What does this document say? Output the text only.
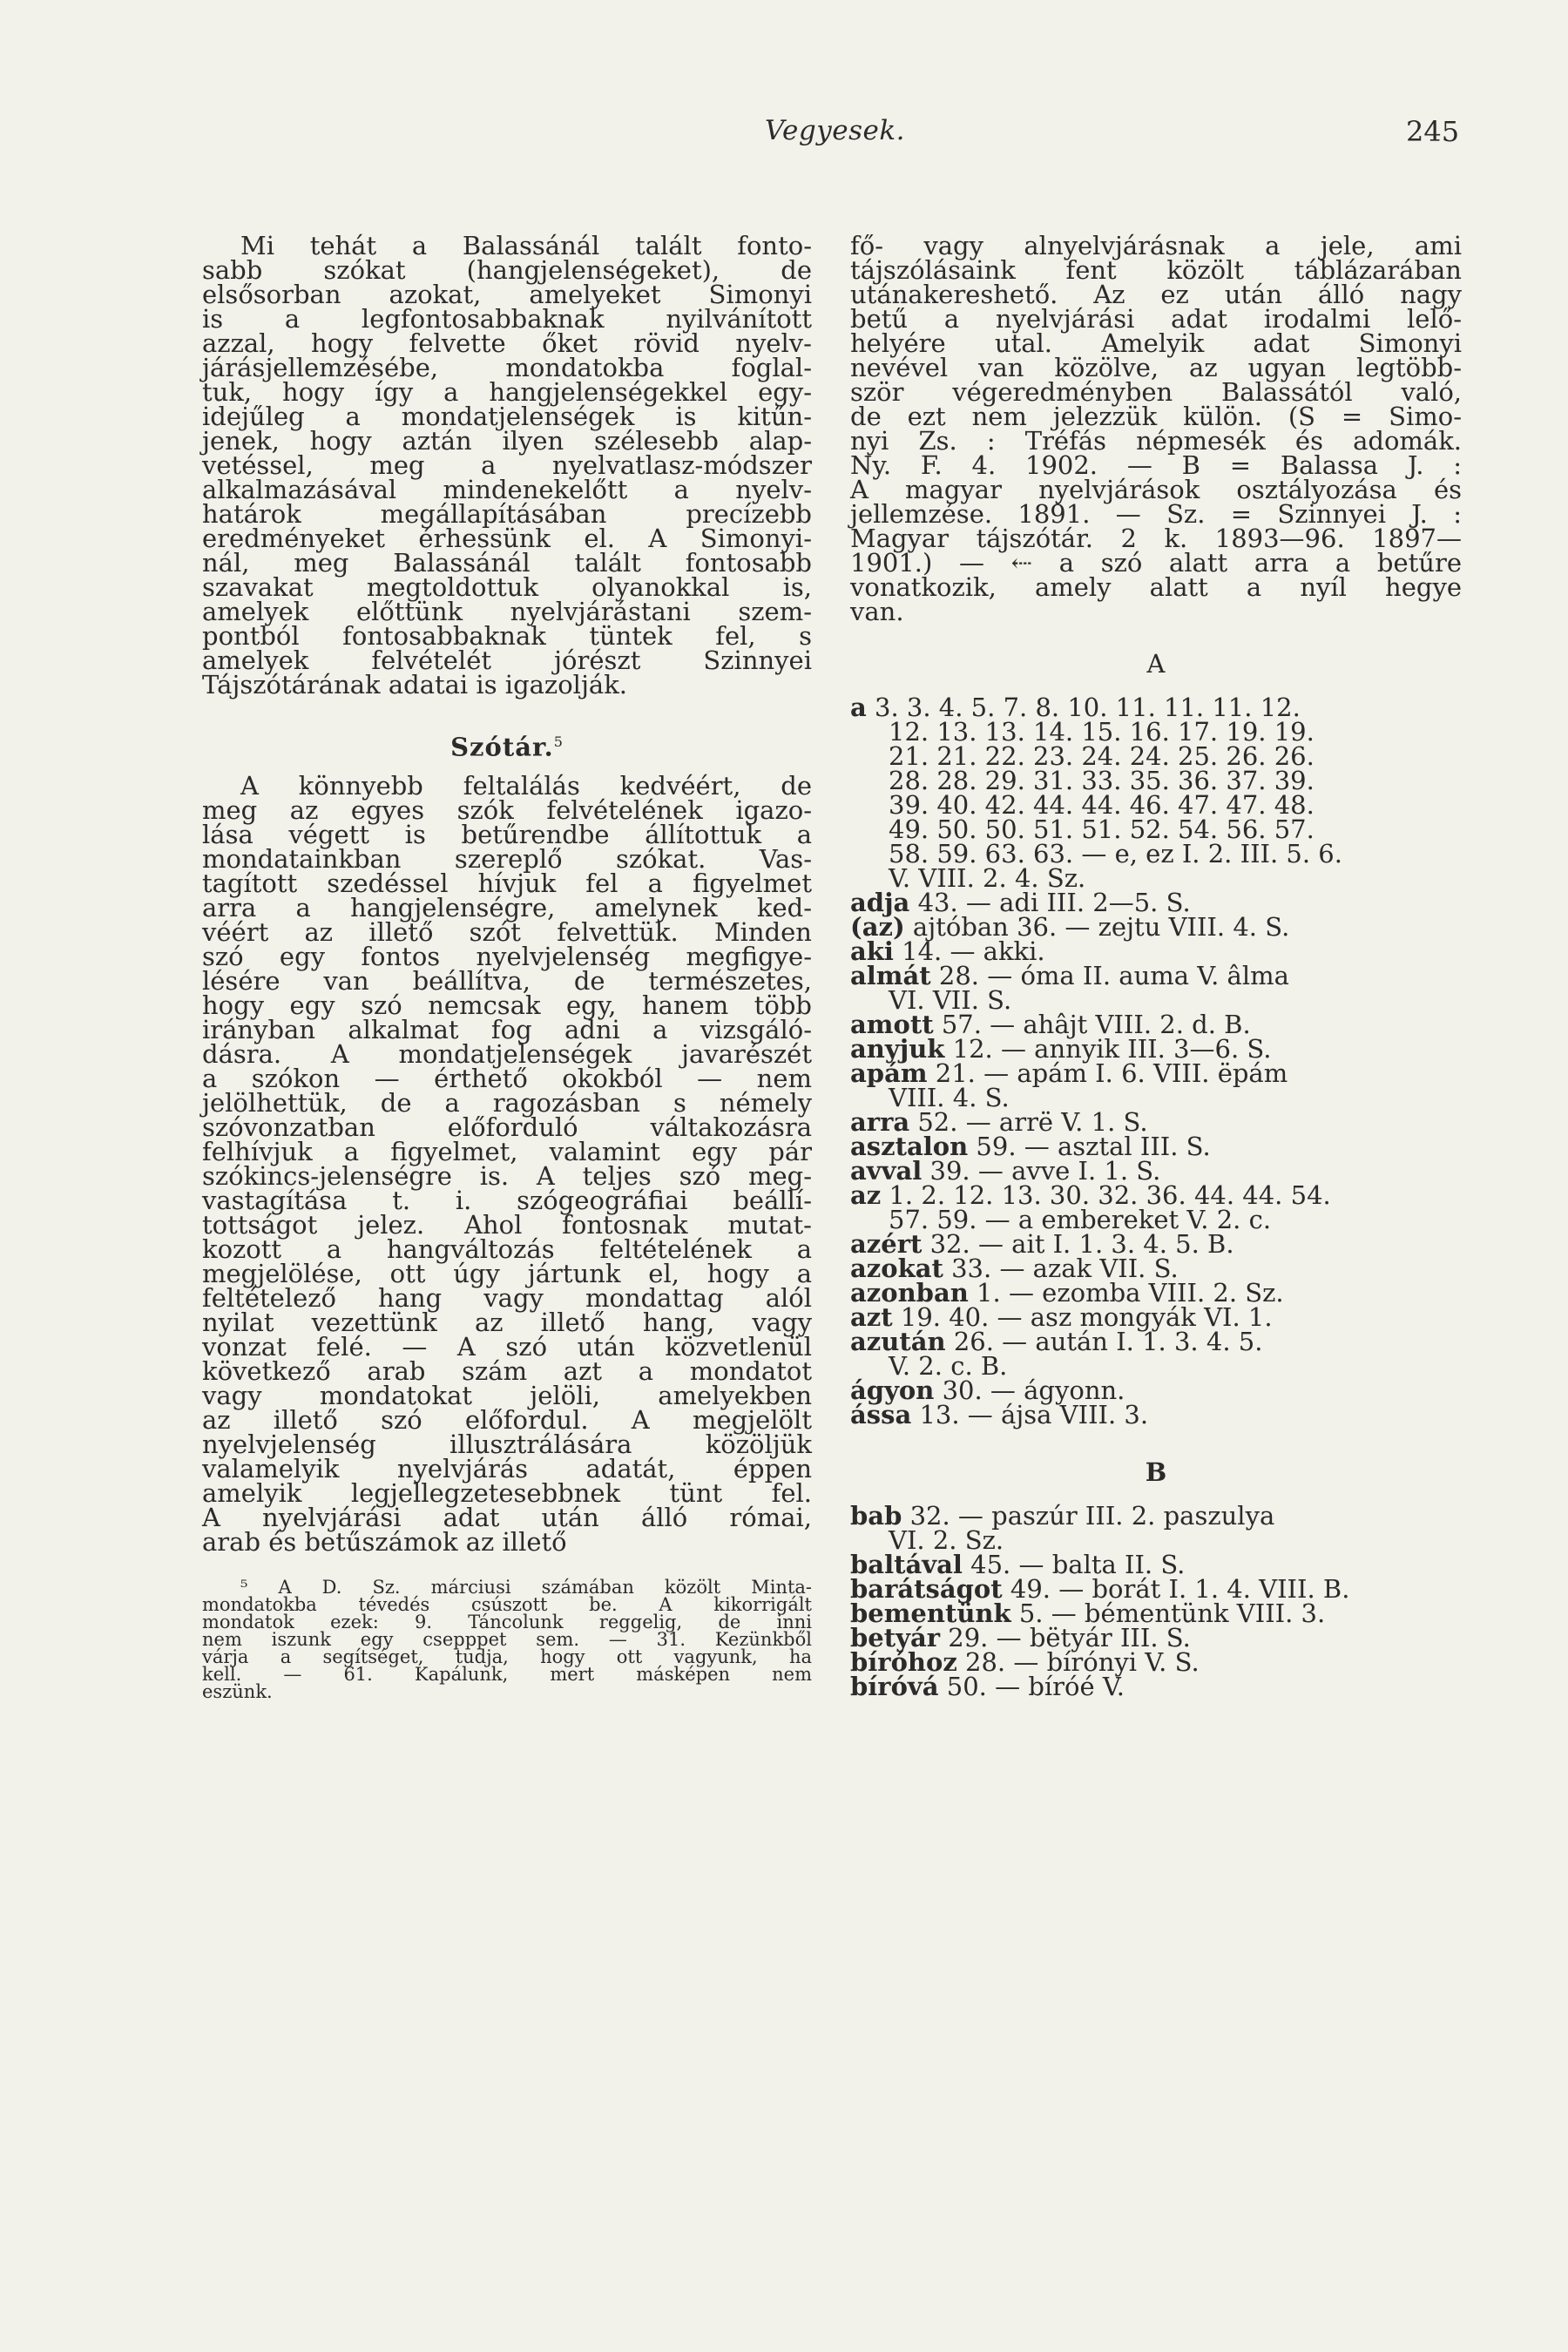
Vegyesek.	245
Mi tehát a Balassánál talált fonto-
sabb szókat (hangjelenségeket), de
elsősorban azokat, amelyeket Simonyi
is a legfontosabbaknak nyilvánított
azzal, hogy felvette őket rövid nyelv-
járásjellemzésébe, mondatokba foglal-
tuk, hogy így a hangjelenségekkel egy-
idejűleg a mondatjelenségek is kitűn-
jenek, hogy aztán ilyen szélesebb alap-
vetéssel, meg a nyelvatlasz-módszer
alkalmazásával mindenekelőtt a nyelv-
határok megállapításában precízebb
eredményeket érhessünk el. A Simonyi-
nál, meg Balassánál talált fontosabb
szavakat megtoldottuk olyanokkal is,
amelyek előttünk nyelvjárástani szem-
pontból fontosabbaknak tüntek fel, s
amelyek felvételét jórészt Szinnyei
Tájszótárának adatai is igazolják.
Szótár.$^5$
A könnyebb feltalálás kedvéért, de
meg az egyes szók felvételének igazo-
lása végett is betűrendbe állítottuk a
mondatainkban szereplő szókat. Vas-
tagított szedéssel hívjuk fel a figyelmet
arra a hangjelenségre, amelynek ked-
véért az illető szót felvettük. Minden
szó egy fontos nyelvjelenség megfigye-
lésére van beállítva, de természetes,
hogy egy szó nemcsak egy, hanem több
irányban alkalmat fog adni a vizsgáló-
dásra. A mondatjelenségek javarészét
a szókon — érthető okokból — nem
jelölhettük, de a ragozásban s némely
szóvonzatban előforduló váltakozásra
felhívjuk a figyelmet, valamint egy pár
szókincs-jelenségre is. A teljes szó meg-
vastagítása t. i. szógeográfiai beállí-
tottságot jelez. Ahol fontosnak mutat-
kozott a hangváltozás feltételének a
megjelölése, ott úgy jártunk el, hogy a
feltételező hang vagy mondattag alól
nyilat vezettünk az illető hang, vagy
vonzat felé. — A szó után közvetlenül
következő arab szám azt a mondatot
vagy mondatokat jelöli, amelyekben
az illető szó előfordul. A megjelölt
nyelvjelenség illusztrálására közöljük
valamelyik nyelvjárás adatát, éppen
amelyik legjellegzetesebbnek tünt fel.
A nyelvjárási adat után álló római,
arab és betűszámok az illető
⁵ A D. Sz. márciusi számában közölt Minta-
mondatokba tévedés csúszott be. A kikorrigált
mondatok ezek: 9. Táncolunk reggelig, de inni
nem iszunk egy csepppet sem. — 31. Kezünkből
várja a segítséget, tudja, hogy ott vagyunk, ha
kell. — 61. Kapálunk, mert másképen nem
eszünk.
fő- vagy alnyelvjárásnak a jele, ami
tájszólásaink fent közölt táblázarában
utánakereshető. Az ez után álló nagy
betű a nyelvjárási adat irodalmi lelő-
helyére utal. Amelyik adat Simonyi
nevével van közölve, az ugyan legtöbb-
ször végeredményben Balassától való,
de ezt nem jelezzük külön. (S = Simo-
nyi Zs. : Tréfás népmesék és adomák.
Ny. F. 4. 1902. — B = Balassa J. :
A magyar nyelvjárások osztályozása és
jellemzése. 1891. — Sz. = Szinnyei J. :
Magyar tájszótár. 2 k. 1893—96. 1897—
1901.) — ⇠ a szó alatt arra a betűre
vonatkozik, amely alatt a nyíl hegye
van.
A
a 3. 3. 4. 5. 7. 8. 10. 11. 11. 11. 12.
12. 13. 13. 14. 15. 16. 17. 19. 19.
21. 21. 22. 23. 24. 24. 25. 26. 26.
28. 28. 29. 31. 33. 35. 36. 37. 39.
39. 40. 42. 44. 44. 46. 47. 47. 48.
49. 50. 50. 51. 51. 52. 54. 56. 57.
58. 59. 63. 63. — e, ez I. 2. III. 5. 6.
V. VIII. 2. 4. Sz.
adja 43. — adi III. 2—5. S.
(az) ajtóban 36. — zejtu VIII. 4. S.
aki 14. — akki.
almát 28. — óma II. auma V. âlma
VI. VII. S.
amott 57. — ahâjt VIII. 2. d. B.
anyjuk 12. — annyik III. 3—6. S.
apám 21. — apám I. 6. VIII. ëpám
VIII. 4. S.
arra 52. — arrë V. 1. S.
asztalon 59. — asztal III. S.
avval 39. — avve I. 1. S.
az 1. 2. 12. 13. 30. 32. 36. 44. 44. 54.
57. 59. — a embereket V. 2. c.
azért 32. — ait I. 1. 3. 4. 5. B.
azokat 33. — azak VII. S.
azonban 1. — ezomba VIII. 2. Sz.
azt 19. 40. — asz mongyák VI. 1.
azután 26. — aután I. 1. 3. 4. 5.
V. 2. c. B.
ágyon 30. — ágyonn.
ássa 13. — ájsa VIII. 3.
B
bab 32. — paszúr III. 2. paszulya
VI. 2. Sz.
baltával 45. — balta II. S.
barátságot 49. — borát I. 1. 4. VIII. B.
bementünk 5. — bémentünk VIII. 3.
betyár 29. — bëtyár III. S.
bíróhoz 28. — bírónyi V. S.
bíróvá 50. — bíróé V.
